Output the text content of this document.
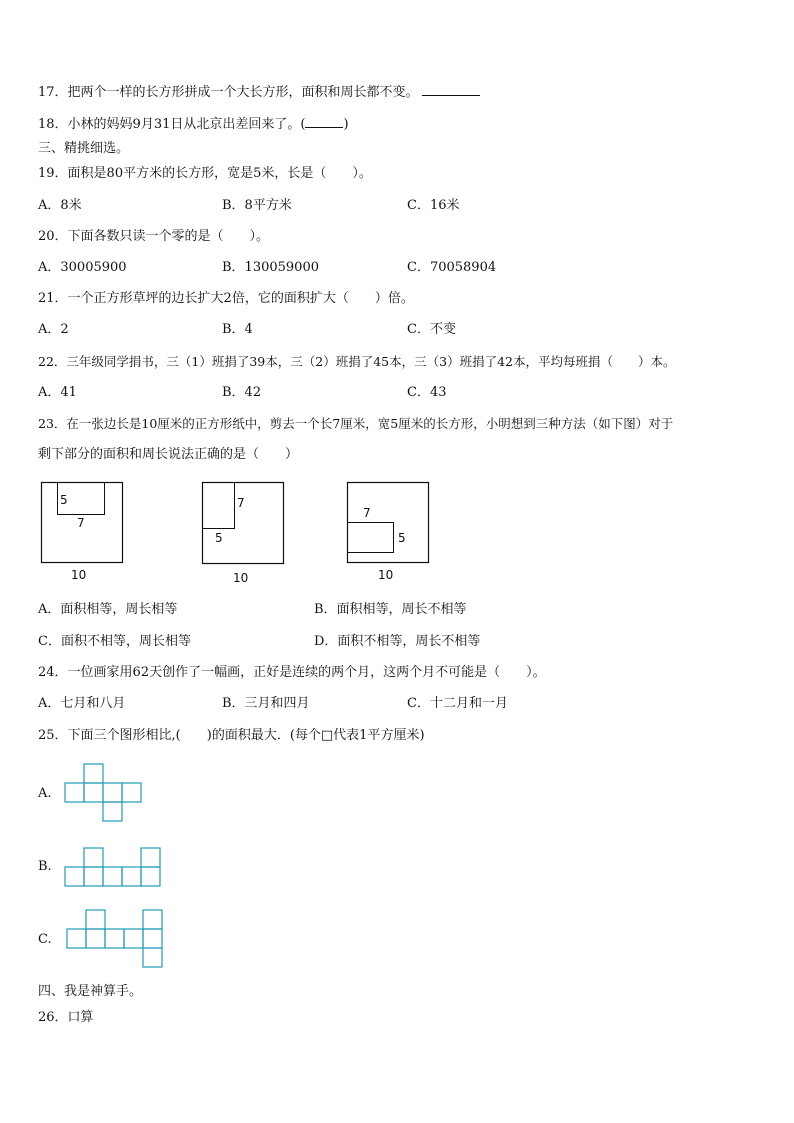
17．把两个一样的长方形拼成一个大长方形，面积和周长都不变。
18．小林的妈妈9月31日从北京出差回来了。(	)
三、精挑细选。
19．面积是80平方米的长方形，宽是5米，长是（　　）。
A．8米	B．8平方米	C．16米
20．下面各数只读一个零的是（　　）。
A．30005900	B．130059000	C．70058904
21．一个正方形草坪的边长扩大2倍，它的面积扩大（　　）倍。
A．2	B．4	C．不变
22．三年级同学捐书，三（1）班捐了39本，三（2）班捐了45本，三（3）班捐了42本，平均每班捐（　　）本。
A．41	B．42	C．43
23．在一张边长是10厘米的正方形纸中，剪去一个长7厘米，宽5厘米的长方形，小明想到三种方法（如下图）对于
剩下部分的面积和周长说法正确的是（　　）
5
7
10
7
5
10
7
5
10
A．面积相等，周长相等	B．面积相等，周长不相等
C．面积不相等，周长相等	D．面积不相等，周长不相等
24．一位画家用62天创作了一幅画，正好是连续的两个月，这两个月不可能是（　　）。
A．七月和八月	B．三月和四月	C．十二月和一月
25．下面三个图形相比,(　　)的面积最大．(每个□代表1平方厘米)
A.
B.
C.
四、我是神算手。
26．口算
